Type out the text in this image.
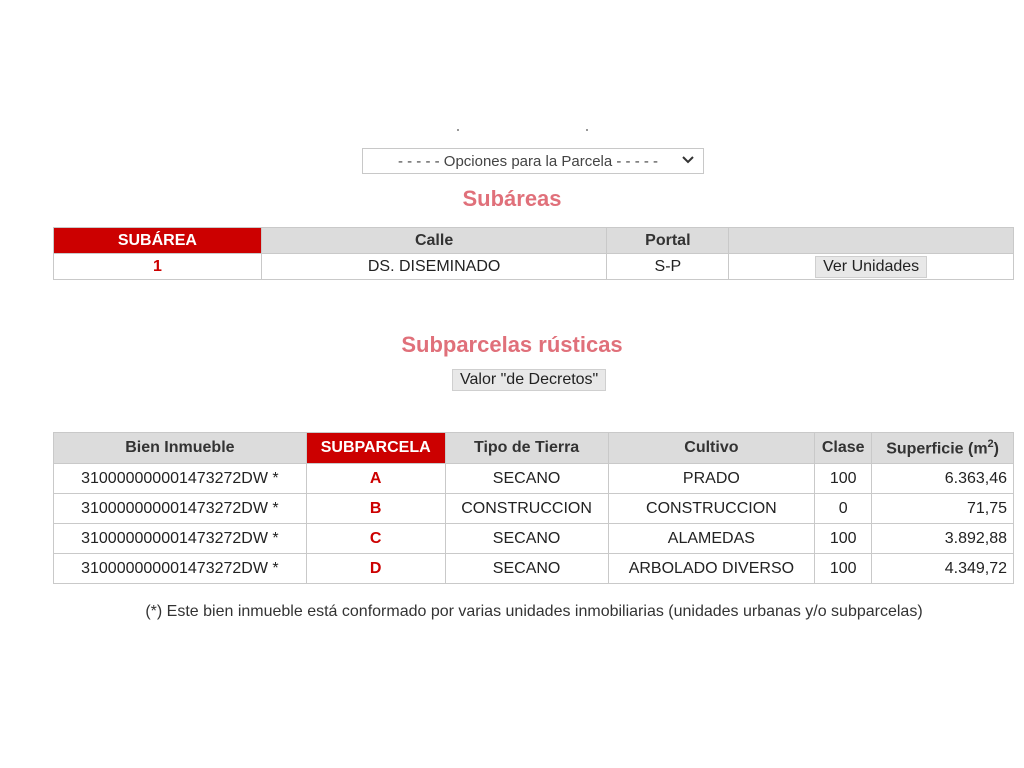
- - - - - Opciones para la Parcela - - - - -
Subáreas
SUBÁREA	Calle	Portal	
1	DS. DISEMINADO	S-P	Ver Unidades
Subparcelas rústicas
Valor "de Decretos"
Bien Inmueble	SUBPARCELA	Tipo de Tierra	Cultivo	Clase	Superficie $(m^2)$
310000000001473272DW *	A	SECANO	PRADO	100	6.363,46
310000000001473272DW *	B	CONSTRUCCION	CONSTRUCCION	0	71,75
310000000001473272DW *	C	SECANO	ALAMEDAS	100	3.892,88
310000000001473272DW *	D	SECANO	ARBOLADO DIVERSO	100	4.349,72
(*) Este bien inmueble está conformado por varias unidades inmobiliarias (unidades urbanas y/o subparcelas)
